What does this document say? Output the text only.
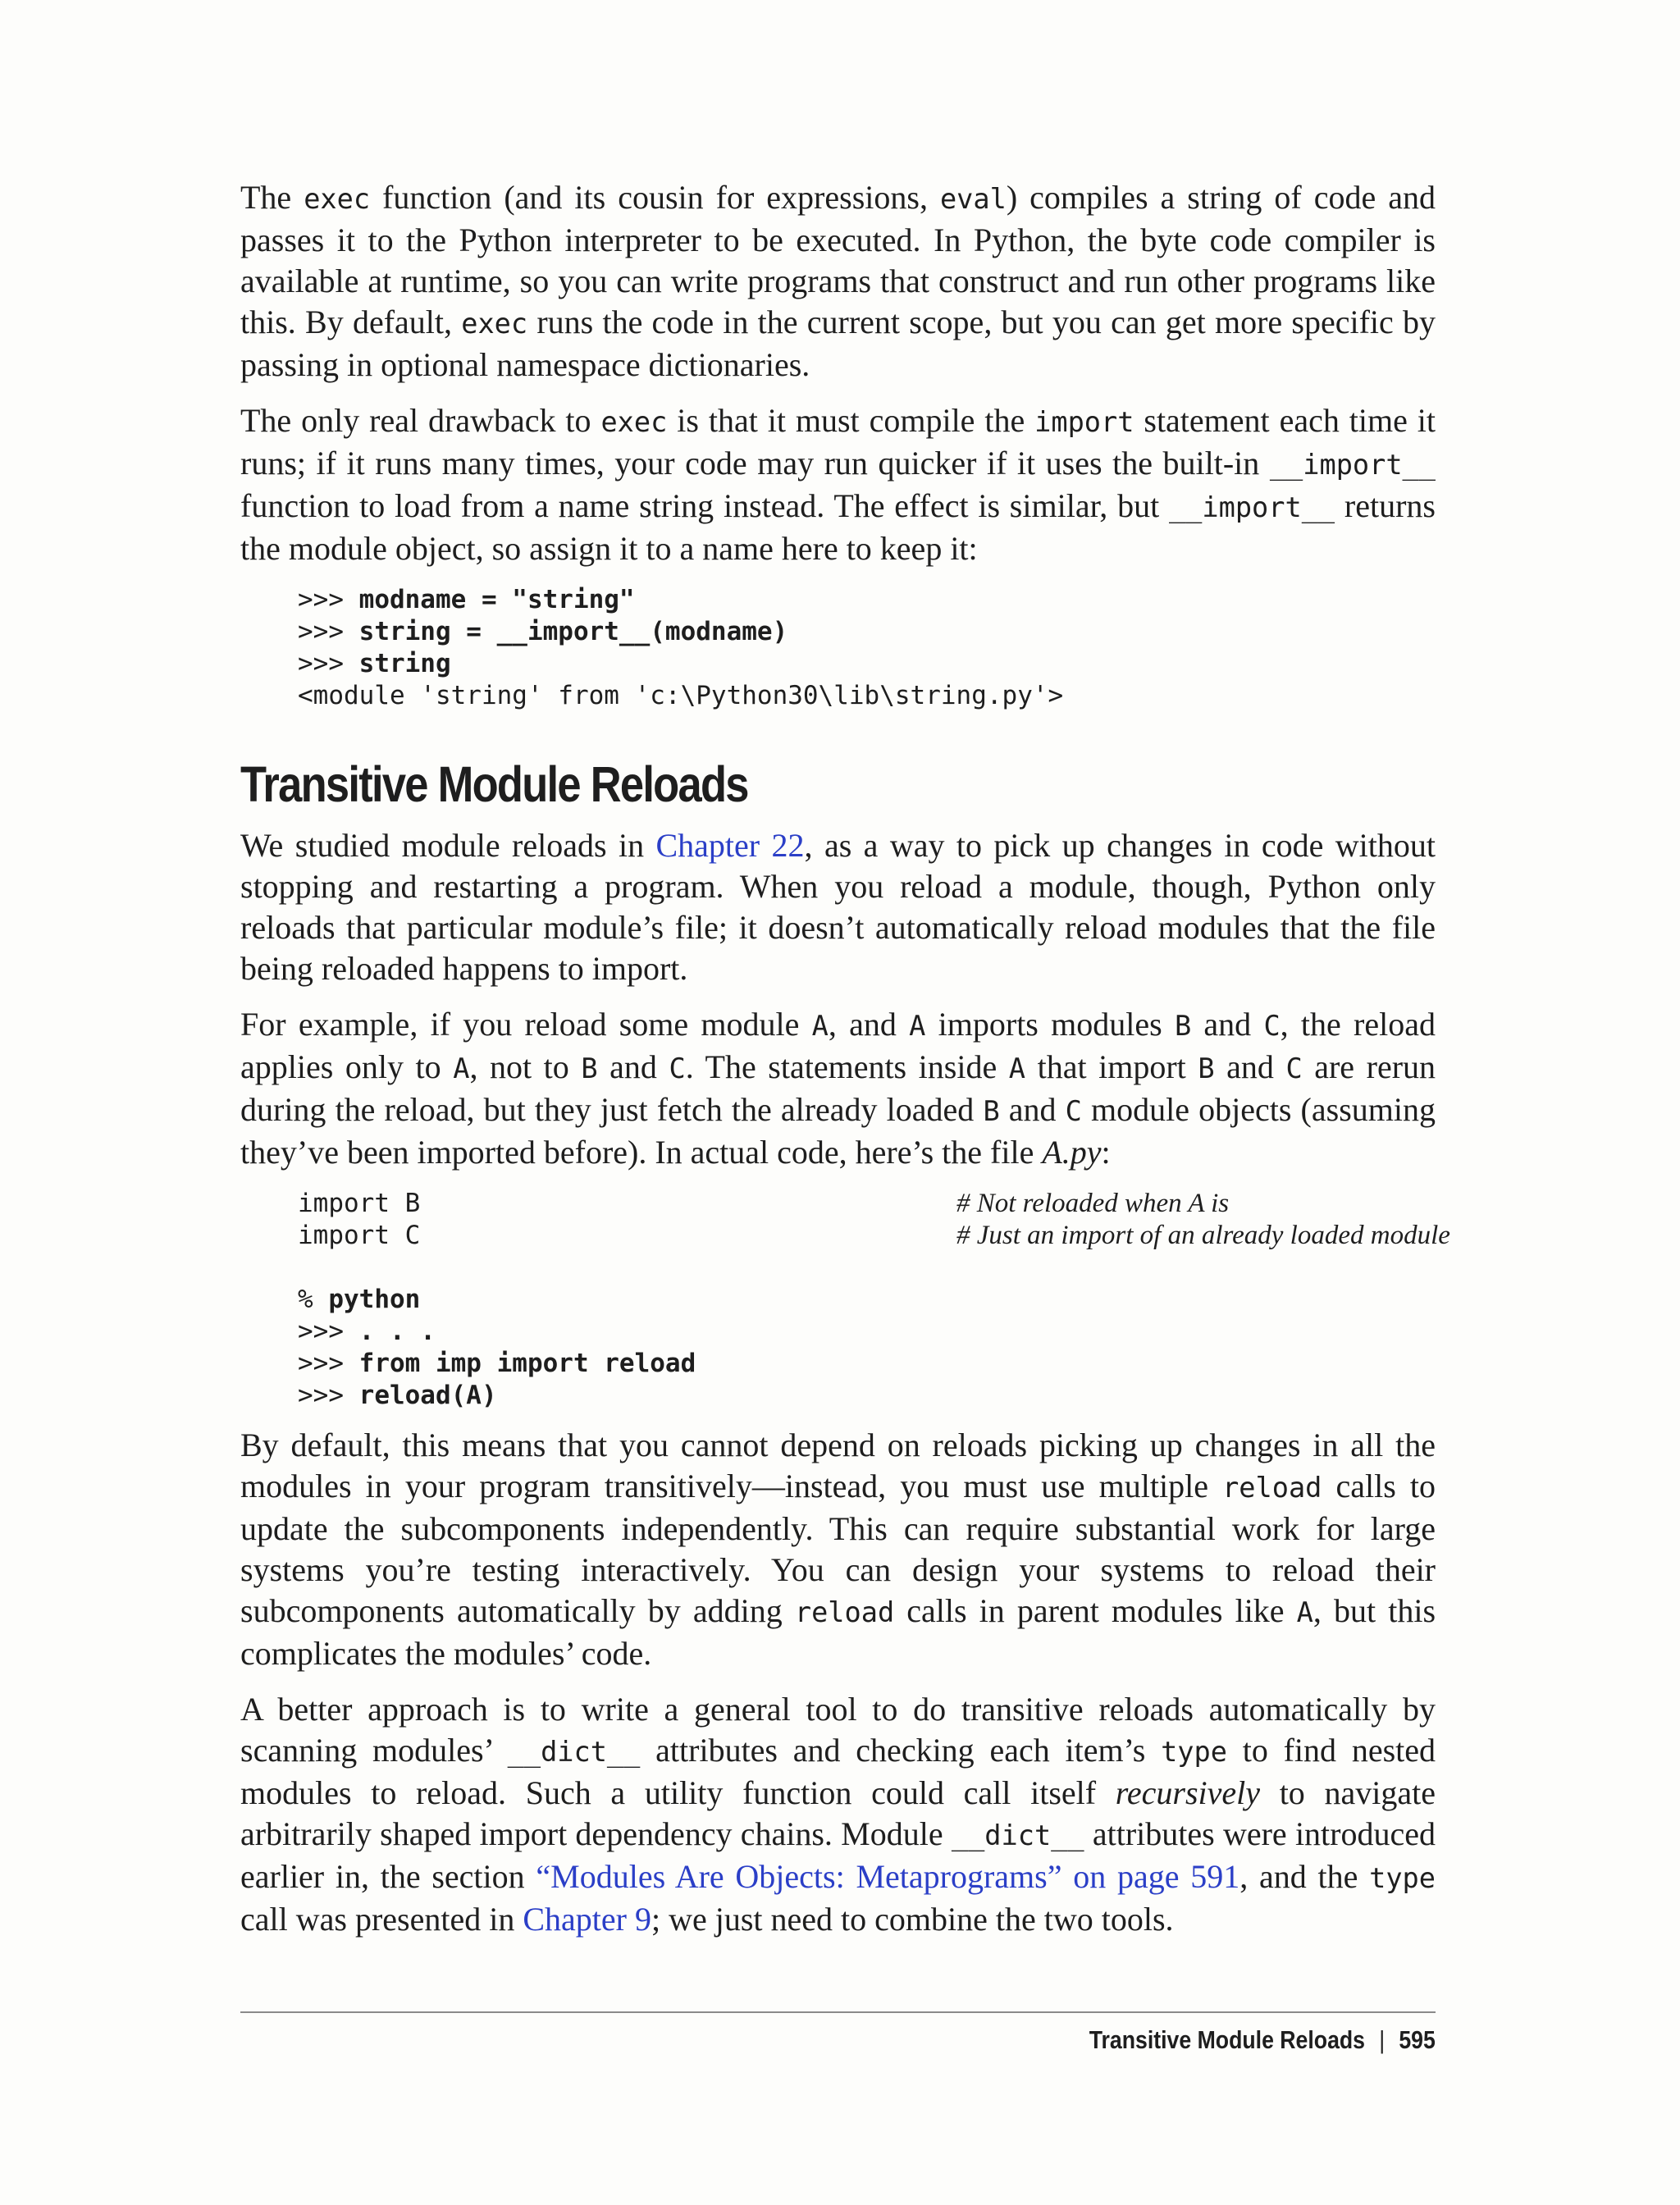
The exec function (and its cousin for expressions, eval) compiles a string of code and passes it to the Python interpreter to be executed. In Python, the byte code compiler is available at runtime, so you can write programs that construct and run other programs like this. By default, exec runs the code in the current scope, but you can get more specific by passing in optional namespace dictionaries.

The only real drawback to exec is that it must compile the import statement each time it runs; if it runs many times, your code may run quicker if it uses the built-in __import__ function to load from a name string instead. The effect is similar, but __import__ returns the module object, so assign it to a name here to keep it:

>>> modname = "string"
>>> string = __import__(modname)
>>> string
<module 'string' from 'c:\Python30\lib\string.py'>
Transitive Module Reloads

We studied module reloads in Chapter 22, as a way to pick up changes in code without stopping and restarting a program. When you reload a module, though, Python only reloads that particular module’s file; it doesn’t automatically reload modules that the file being reloaded happens to import.

For example, if you reload some module A, and A imports modules B and C, the reload applies only to A, not to B and C. The statements inside A that import B and C are rerun during the reload, but they just fetch the already loaded B and C module objects (assuming they’ve been imported before). In actual code, here’s the file A.py:

import B	# Not reloaded when A is
import C	# Just an import of an already loaded module
% python
>>> . . .
>>> from imp import reload
>>> reload(A)

By default, this means that you cannot depend on reloads picking up changes in all the modules in your program transitively—instead, you must use multiple reload calls to update the subcomponents independently. This can require substantial work for large systems you’re testing interactively. You can design your systems to reload their subcomponents automatically by adding reload calls in parent modules like A, but this complicates the modules’ code.

A better approach is to write a general tool to do transitive reloads automatically by scanning modules’ __dict__ attributes and checking each item’s type to find nested modules to reload. Such a utility function could call itself recursively to navigate arbitrarily shaped import dependency chains. Module __dict__ attributes were introduced earlier in, the section “Modules Are Objects: Metaprograms” on page 591, and the type call was presented in Chapter 9; we just need to combine the two tools.

Transitive Module Reloads | 595
